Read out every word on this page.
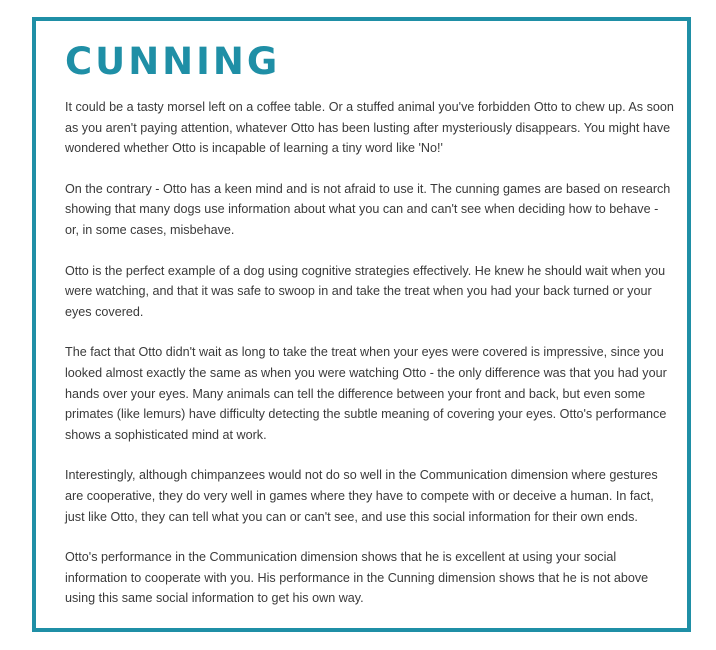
CUNNING

It could be a tasty morsel left on a coffee table. Or a stuffed animal you've forbidden Otto to chew up. As soon as you aren't paying attention, whatever Otto has been lusting after mysteriously disappears. You might have wondered whether Otto is incapable of learning a tiny word like 'No!'

On the contrary - Otto has a keen mind and is not afraid to use it. The cunning games are based on research showing that many dogs use information about what you can and can't see when deciding how to behave - or, in some cases, misbehave.

Otto is the perfect example of a dog using cognitive strategies effectively. He knew he should wait when you were watching, and that it was safe to swoop in and take the treat when you had your back turned or your eyes covered.

The fact that Otto didn't wait as long to take the treat when your eyes were covered is impressive, since you looked almost exactly the same as when you were watching Otto - the only difference was that you had your hands over your eyes. Many animals can tell the difference between your front and back, but even some primates (like lemurs) have difficulty detecting the subtle meaning of covering your eyes. Otto's performance shows a sophisticated mind at work.

Interestingly, although chimpanzees would not do so well in the Communication dimension where gestures are cooperative, they do very well in games where they have to compete with or deceive a human. In fact, just like Otto, they can tell what you can or can't see, and use this social information for their own ends.

Otto's performance in the Communication dimension shows that he is excellent at using your social information to cooperate with you. His performance in the Cunning dimension shows that he is not above using this same social information to get his own way.
